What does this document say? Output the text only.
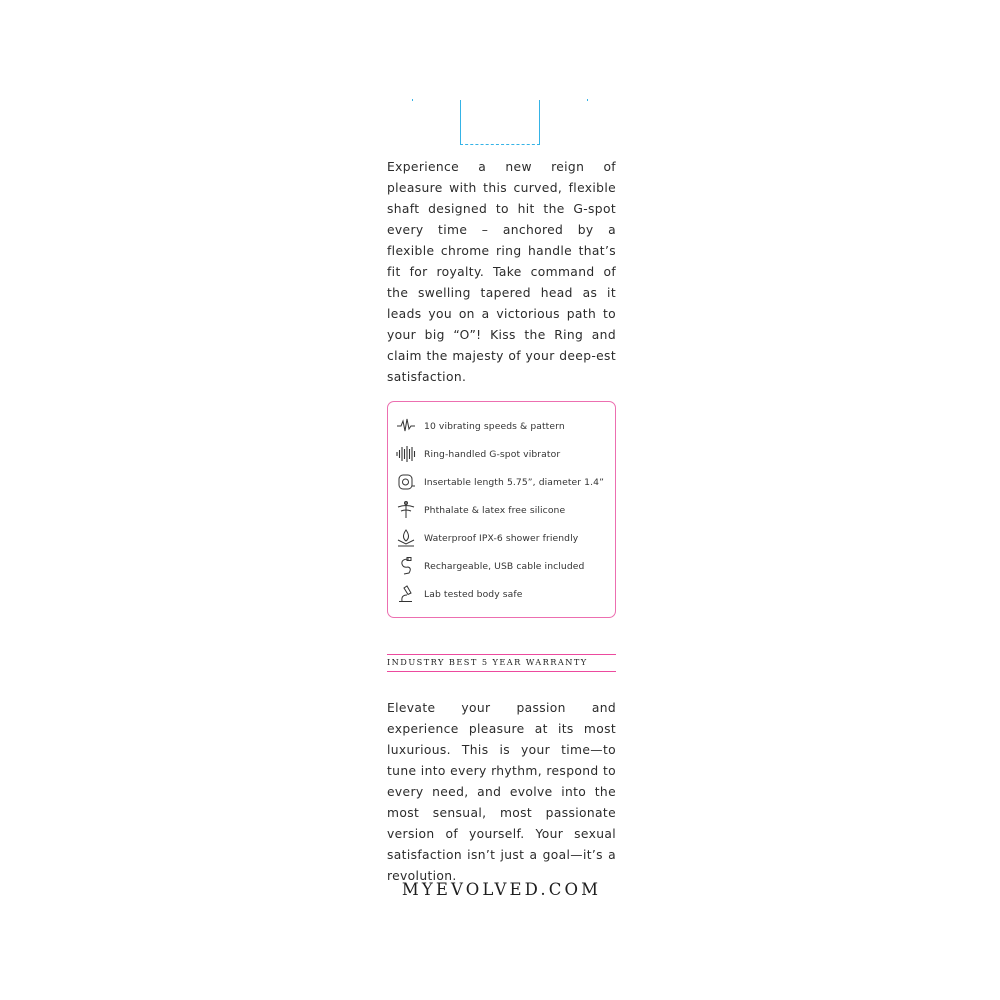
Experience a new reign of pleasure with this curved, flexible shaft designed to hit the G-spot every time – anchored by a flexible chrome ring handle that’s fit for royalty. Take command of the swelling tapered head as it leads you on a victorious path to your big “O”! Kiss the Ring and claim the majesty of your deep-est satisfaction.

10 vibrating speeds & pattern
Ring-handled G-spot vibrator
Insertable length 5.75”, diameter 1.4”
Phthalate & latex free silicone
Waterproof IPX-6 shower friendly
Rechargeable, USB cable included
Lab tested body safe
INDUSTRY BEST 5 YEAR WARRANTY

Elevate your passion and experience pleasure at its most luxurious. This is your time—to tune into every rhythm, respond to every need, and evolve into the most sensual, most passionate version of yourself. Your sexual satisfaction isn’t just a goal—it’s a revolution.

MYEVOLVED.COM
